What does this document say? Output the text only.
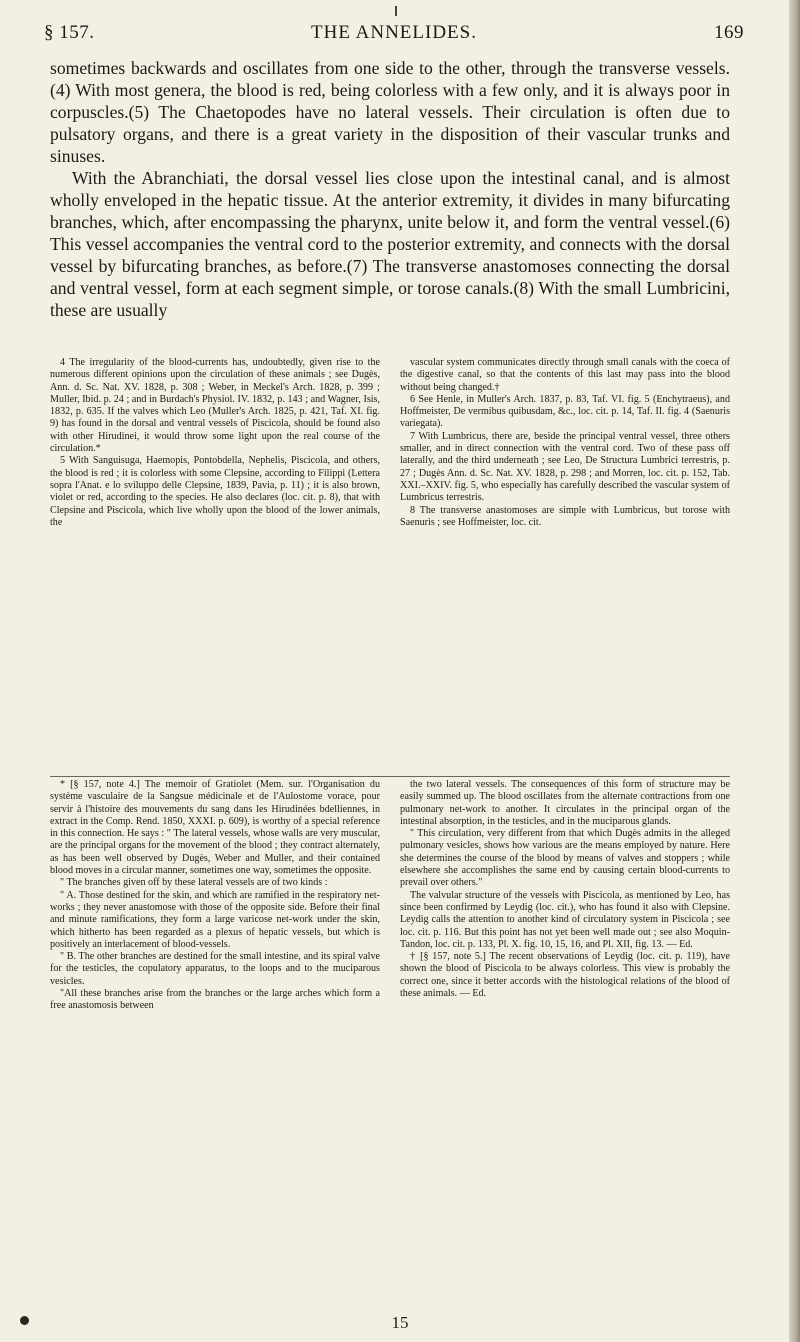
THE ANNELIDES.
§ 157.	169

sometimes backwards and oscillates from one side to the other, through the transverse vessels.(4) With most genera, the blood is red, being colorless with a few only, and it is always poor in corpuscles.(5) The Chaetopodes have no lateral vessels. Their circulation is often due to pulsatory organs, and there is a great variety in the disposition of their vascular trunks and sinuses.

With the Abranchiati, the dorsal vessel lies close upon the intestinal canal, and is almost wholly enveloped in the hepatic tissue. At the anterior extremity, it divides in many bifurcating branches, which, after encompassing the pharynx, unite below it, and form the ventral vessel.(6) This vessel accompanies the ventral cord to the posterior extremity, and connects with the dorsal vessel by bifurcating branches, as before.(7) The transverse anastomoses connecting the dorsal and ventral vessel, form at each segment simple, or torose canals.(8) With the small Lumbricini, these are usually

4 The irregularity of the blood-currents has, undoubtedly, given rise to the numerous different opinions upon the circulation of these animals ; see Dugès, Ann. d. Sc. Nat. XV. 1828, p. 308 ; Weber, in Meckel's Arch. 1828, p. 399 ; Muller, Ibid. p. 24 ; and in Burdach's Physiol. IV. 1832, p. 143 ; and Wagner, Isis, 1832, p. 635. If the valves which Leo (Muller's Arch. 1825, p. 421, Taf. XI. fig. 9) has found in the dorsal and ventral vessels of Piscicola, should be found also with other Hirudinei, it would throw some light upon the real course of the circulation.*

5 With Sanguisuga, Haemopis, Pontobdella, Nephelis, Piscicola, and others, the blood is red ; it is colorless with some Clepsine, according to Filippi (Lettera sopra l'Anat. e lo sviluppo delle Clepsine, 1839, Pavia, p. 11) ; it is also brown, violet or red, according to the species. He also declares (loc. cit. p. 8), that with Clepsine and Piscicola, which live wholly upon the blood of the lower animals, the

vascular system communicates directly through small canals with the coeca of the digestive canal, so that the contents of this last may pass into the blood without being changed.†

6 See Henle, in Muller's Arch. 1837, p. 83, Taf. VI. fig. 5 (Enchytraeus), and Hoffmeister, De vermibus quibusdam, &c., loc. cit. p. 14, Taf. II. fig. 4 (Saenuris variegata).

7 With Lumbricus, there are, beside the principal ventral vessel, three others smaller, and in direct connection with the ventral cord. Two of these pass off laterally, and the third underneath ; see Leo, De Structura Lumbrici terrestris, p. 27 ; Dugès Ann. d. Sc. Nat. XV. 1828, p. 298 ; and Morren, loc. cit. p. 152, Tab. XXI.–XXIV. fig. 5, who especially has carefully described the vascular system of Lumbricus terrestris.

8 The transverse anastomoses are simple with Lumbricus, but torose with Saenuris ; see Hoffmeister, loc. cit.

* [§ 157, note 4.] The memoir of Gratiolet (Mem. sur. l'Organisation du système vasculaire de la Sangsue médicinale et de l'Aulostome vorace, pour servir à l'histoire des mouvements du sang dans les Hirudinées bdelliennes, in extract in the Comp. Rend. 1850, XXXI. p. 609), is worthy of a special reference in this connection. He says : " The lateral vessels, whose walls are very muscular, are the principal organs for the movement of the blood ; they contract alternately, as has been well observed by Dugès, Weber and Muller, and their contained blood moves in a circular manner, sometimes one way, sometimes the opposite.

" The branches given off by these lateral vessels are of two kinds :

" A. Those destined for the skin, and which are ramified in the respiratory net-works ; they never anastomose with those of the opposite side. Before their final and minute ramifications, they form a large varicose net-work under the skin, which hitherto has been regarded as a plexus of hepatic vessels, but which is positively an interlacement of blood-vessels.

" B. The other branches are destined for the small intestine, and its spiral valve for the testicles, the copulatory apparatus, to the loops and to the muciparous vesicles.

"All these branches arise from the branches or the large arches which form a free anastomosis between

the two lateral vessels. The consequences of this form of structure may be easily summed up. The blood oscillates from the alternate contractions from one pulmonary net-work to another. It circulates in the principal organ of the intestinal absorption, in the testicles, and in the muciparous glands.

" This circulation, very different from that which Dugès admits in the alleged pulmonary vesicles, shows how various are the means employed by nature. Here she determines the course of the blood by means of valves and stoppers ; while elsewhere she accomplishes the same end by causing certain blood-currents to prevail over others."

The valvular structure of the vessels with Piscicola, as mentioned by Leo, has since been confirmed by Leydig (loc. cit.), who has found it also with Clepsine. Leydig calls the attention to another kind of circulatory system in Piscicola ; see loc. cit. p. 116. But this point has not yet been well made out ; see also Moquin-Tandon, loc. cit. p. 133, Pl. X. fig. 10, 15, 16, and Pl. XII, fig. 13. — Ed.

† [§ 157, note 5.] The recent observations of Leydig (loc. cit. p. 119), have shown the blood of Piscicola to be always colorless. This view is probably the correct one, since it better accords with the histological relations of the blood of these animals. — Ed.

15
